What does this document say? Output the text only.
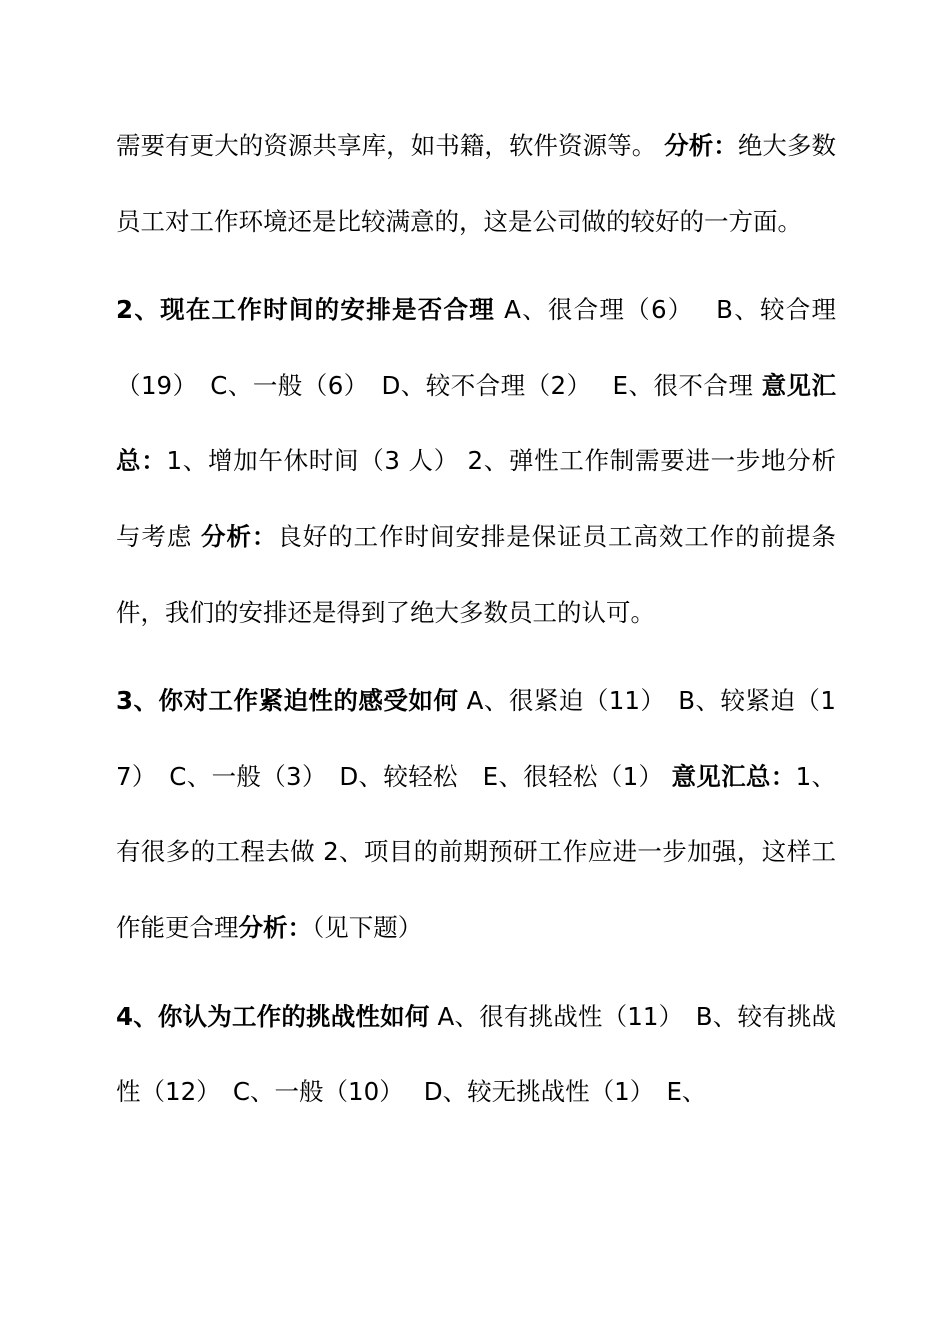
需要有更大的资源共享库，如书籍，软件资源等。 分析：绝大多数员工对工作环境还是比较满意的，这是公司做的较好的一方面。

2、现在工作时间的安排是否合理 A、很合理（6）　 B、较合理（19）　C、一般（6）　D、较不合理（2）　 E、很不合理 意见汇总：1、增加午休时间（3 人） 2、弹性工作制需要进一步地分析与考虑 分析：良好的工作时间安排是保证员工高效工作的前提条件，我们的安排还是得到了绝大多数员工的认可。

3、你对工作紧迫性的感受如何 A、很紧迫（11）　B、较紧迫（17）　C、一般（3）　D、较轻松　E、很轻松（1） 意见汇总：1、有很多的工程去做 2、项目的前期预研工作应进一步加强，这样工作能更合理分析：（见下题）

4、你认为工作的挑战性如何 A、很有挑战性（11）　B、较有挑战性（12）　C、一般（10）　 D、较无挑战性（1）　E、
